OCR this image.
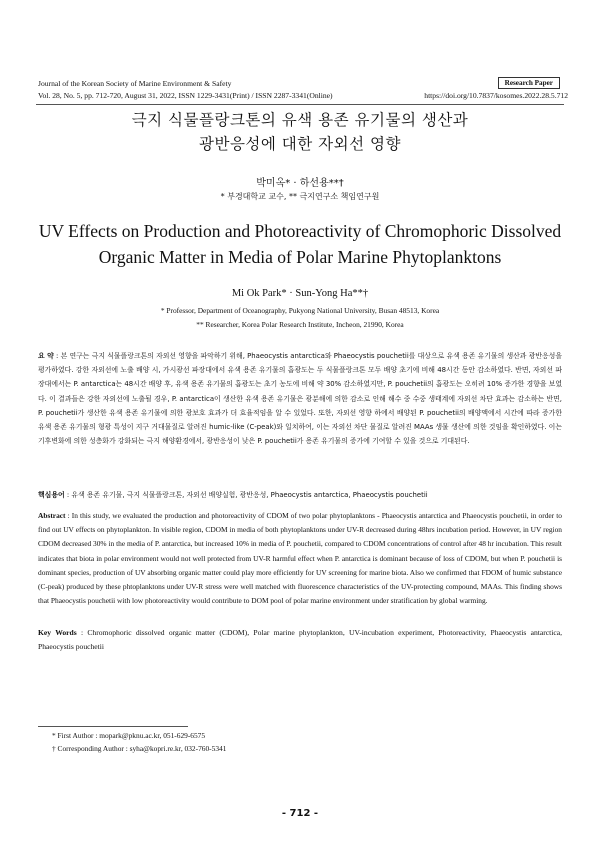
Journal of the Korean Society of Marine Environment & Safety	Research Paper
Vol. 28, No. 5, pp. 712-720, August 31, 2022, ISSN 1229-3431(Print) / ISSN 2287-3341(Online)	https://doi.org/10.7837/kosomes.2022.28.5.712
극지 식물플랑크톤의 유색 용존 유기물의 생산과
광반응성에 대한 자외선 영향
박미옥* · 하선용**†
* 부경대학교 교수, ** 극지연구소 책임연구원
UV Effects on Production and Photoreactivity of Chromophoric Dissolved
Organic Matter in Media of Polar Marine Phytoplanktons
Mi Ok Park* · Sun-Yong Ha**†
* Professor, Department of Oceanography, Pukyong National University, Busan 48513, Korea
** Researcher, Korea Polar Research Institute, Incheon, 21990, Korea
요 약 : 본 연구는 극지 식물플랑크톤의 자외선 영향을 파악하기 위해, Phaeocystis antarctica와 Phaeocystis pouchetii를 대상으로 유색 용존 유기물의 생산과 광반응성을 평가하였다. 강한 자외선에 노출 배양 시, 가시광선 파장대에서 유색 용존 유기물의 흡광도는 두 식물플랑크톤 모두 배양 초기에 비해 48시간 동안 감소하였다. 반면, 자외선 파장대에서는 P. antarctica는 48시간 배양 후, 유색 용존 유기물의 흡광도는 초기 농도에 비해 약 30% 감소하였지만, P. pouchetii의 흡광도는 오히려 10% 증가한 경향을 보였다. 이 결과들은 강한 자외선에 노출될 경우, P. antarctica이 생산한 유색 용존 유기물은 광분해에 의한 감소로 인해 해수 중 수중 생태계에 자외선 차단 효과는 감소하는 반면, P. pouchetii가 생산한 유색 용존 유기물에 의한 광보호 효과가 더 효율적임을 알 수 있었다. 또한, 자외선 영향 하에서 배양된 P. pouchetii의 배양액에서 시간에 따라 증가한 유색 용존 유기물의 형광 특성이 지구 거대물질로 알려진 humic-like (C-peak)와 일치하여, 이는 자외선 차단 물질로 알려진 MAAs 생물 생산에 의한 것임을 확인하였다. 이는 기후변화에 의한 성층화가 강화되는 극지 해양환경에서, 광반응성이 낮은 P. pouchetii가 용존 유기물의 증가에 기여할 수 있을 것으로 기대된다.
핵심용어 : 유색 용존 유기물, 극지 식물플랑크톤, 자외선 배양실험, 광반응성, Phaeocystis antarctica, Phaeocystis pouchetii
Abstract : In this study, we evaluated the production and photoreactivity of CDOM of two polar phytoplanktons - Phaeocystis antarctica and Phaeocystis pouchetii, in order to find out UV effects on phytoplankton. In visible region, CDOM in media of both phytoplanktons under UV-R decreased during 48hrs incubation period. However, in UV region CDOM decreased 30% in the media of P. antarctica, but increased 10% in media of P. pouchetii, compared to CDOM concentrations of control after 48 hr incubation. This result indicates that biota in polar environment would not well protected from UV-R harmful effect when P. antarctica is dominant because of loss of CDOM, but when P. pouchetii is dominant species, production of UV absorbing organic matter could play more efficiently for UV screening for marine biota. Also we confirmed that FDOM of humic substance (C-peak) produced by these phtoplanktons under UV-R stress were well matched with fluorescence characteristics of the UV-protecting compound, MAAs. This finding shows that Phaeocystis pouchetii with low photoreactivity would contribute to DOM pool of polar marine environment under stratification by global warming.
Key Words : Chromophoric dissolved organic matter (CDOM), Polar marine phytoplankton, UV-incubation experiment, Photoreactivity, Phaeocystis antarctica, Phaeocystis pouchetii
* First Author : mopark@pknu.ac.kr, 051-629-6575
† Corresponding Author : syha@kopri.re.kr, 032-760-5341
- 712 -
